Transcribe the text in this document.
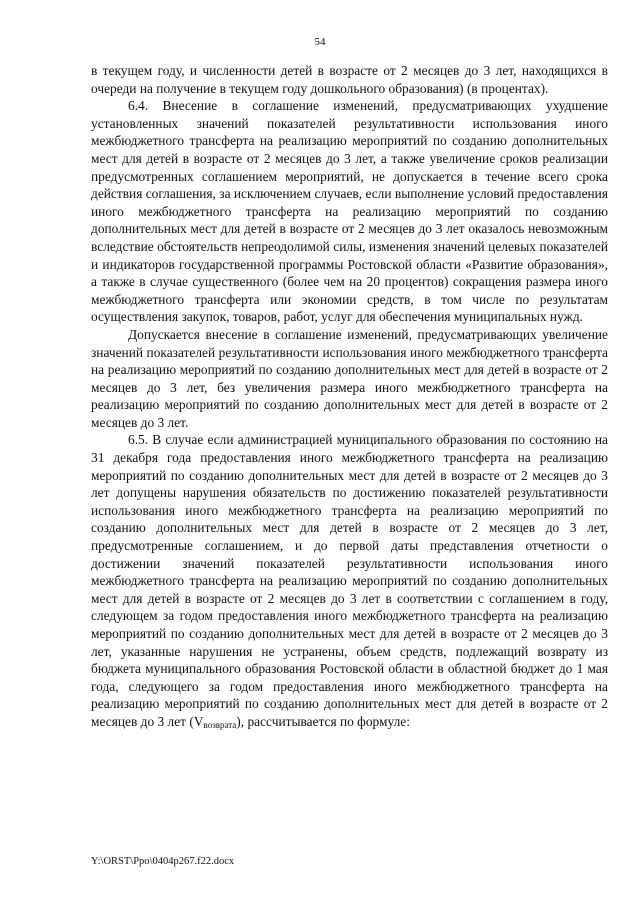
54

в текущем году, и численности детей в возрасте от 2 месяцев до 3 лет, находящихся в очереди на получение в текущем году дошкольного образования) (в процентах).

6.4. Внесение в соглашение изменений, предусматривающих ухудшение установленных значений показателей результативности использования иного межбюджетного трансферта на реализацию мероприятий по созданию дополнительных мест для детей в возрасте от 2 месяцев до 3 лет, а также увеличение сроков реализации предусмотренных соглашением мероприятий, не допускается в течение всего срока действия соглашения, за исключением случаев, если выполнение условий предоставления иного межбюджетного трансферта на реализацию мероприятий по созданию дополнительных мест для детей в возрасте от 2 месяцев до 3 лет оказалось невозможным вследствие обстоятельств непреодолимой силы, изменения значений целевых показателей и индикаторов государственной программы Ростовской области «Развитие образования», а также в случае существенного (более чем на 20 процентов) сокращения размера иного межбюджетного трансферта или экономии средств, в том числе по результатам осуществления закупок, товаров, работ, услуг для обеспечения муниципальных нужд.

Допускается внесение в соглашение изменений, предусматривающих увеличение значений показателей результативности использования иного межбюджетного трансферта на реализацию мероприятий по созданию дополнительных мест для детей в возрасте от 2 месяцев до 3 лет, без увеличения размера иного межбюджетного трансферта на реализацию мероприятий по созданию дополнительных мест для детей в возрасте от 2 месяцев до 3 лет.

6.5. В случае если администрацией муниципального образования по состоянию на 31 декабря года предоставления иного межбюджетного трансферта на реализацию мероприятий по созданию дополнительных мест для детей в возрасте от 2 месяцев до 3 лет допущены нарушения обязательств по достижению показателей результативности использования иного межбюджетного трансферта на реализацию мероприятий по созданию дополнительных мест для детей в возрасте от 2 месяцев до 3 лет, предусмотренные соглашением, и до первой даты представления отчетности о достижении значений показателей результативности использования иного межбюджетного трансферта на реализацию мероприятий по созданию дополнительных мест для детей в возрасте от 2 месяцев до 3 лет в соответствии с соглашением в году, следующем за годом предоставления иного межбюджетного трансферта на реализацию мероприятий по созданию дополнительных мест для детей в возрасте от 2 месяцев до 3 лет, указанные нарушения не устранены, объем средств, подлежащий возврату из бюджета муниципального образования Ростовской области в областной бюджет до 1 мая года, следующего за годом предоставления иного межбюджетного трансферта на реализацию мероприятий по созданию дополнительных мест для детей в возрасте от 2 месяцев до 3 лет $(V_{возврата})$, рассчитывается по формуле:

Y:\ORST\Ppo\0404p267.f22.docx
